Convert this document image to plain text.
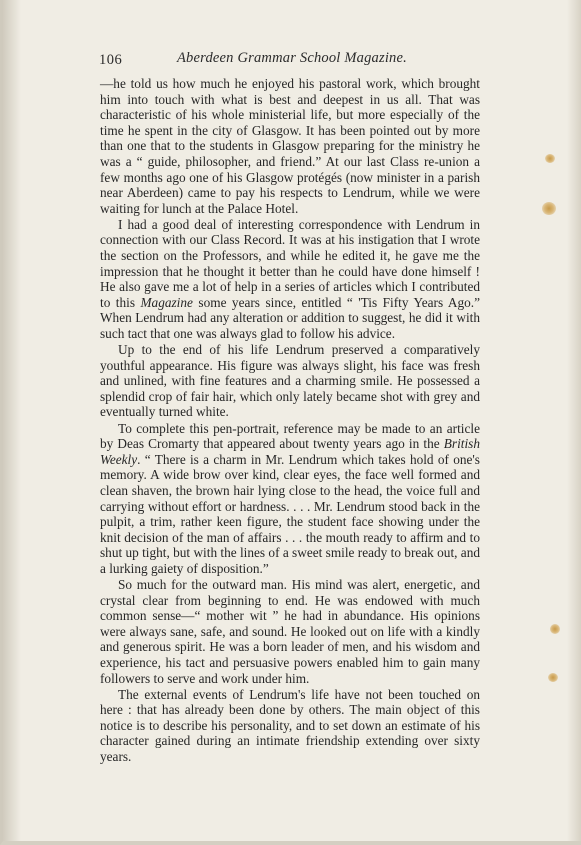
106	Aberdeen Grammar School Magazine.

—he told us how much he enjoyed his pastoral work, which brought him into touch with what is best and deepest in us all. That was characteristic of his whole ministerial life, but more especially of the time he spent in the city of Glasgow. It has been pointed out by more than one that to the students in Glasgow preparing for the ministry he was a “ guide, philosopher, and friend.” At our last Class re-union a few months ago one of his Glasgow protégés (now minister in a parish near Aberdeen) came to pay his respects to Lendrum, while we were waiting for lunch at the Palace Hotel.

I had a good deal of interesting correspondence with Lendrum in connection with our Class Record. It was at his instigation that I wrote the section on the Professors, and while he edited it, he gave me the impression that he thought it better than he could have done himself ! He also gave me a lot of help in a series of articles which I contributed to this Magazine some years since, entitled “ 'Tis Fifty Years Ago.” When Lendrum had any alteration or addition to suggest, he did it with such tact that one was always glad to follow his advice.

Up to the end of his life Lendrum preserved a comparatively youthful appearance. His figure was always slight, his face was fresh and unlined, with fine features and a charming smile. He possessed a splendid crop of fair hair, which only lately became shot with grey and eventually turned white.

To complete this pen-portrait, reference may be made to an article by Deas Cromarty that appeared about twenty years ago in the British Weekly. “ There is a charm in Mr. Lendrum which takes hold of one's memory. A wide brow over kind, clear eyes, the face well formed and clean shaven, the brown hair lying close to the head, the voice full and carrying without effort or hardness. . . . Mr. Lendrum stood back in the pulpit, a trim, rather keen figure, the student face showing under the knit decision of the man of affairs . . . the mouth ready to affirm and to shut up tight, but with the lines of a sweet smile ready to break out, and a lurking gaiety of disposition.”

So much for the outward man. His mind was alert, energetic, and crystal clear from beginning to end. He was endowed with much common sense—“ mother wit ” he had in abundance. His opinions were always sane, safe, and sound. He looked out on life with a kindly and generous spirit. He was a born leader of men, and his wisdom and experience, his tact and persuasive powers enabled him to gain many followers to serve and work under him.

The external events of Lendrum's life have not been touched on here : that has already been done by others. The main object of this notice is to describe his personality, and to set down an estimate of his character gained during an intimate friendship extending over sixty years.
